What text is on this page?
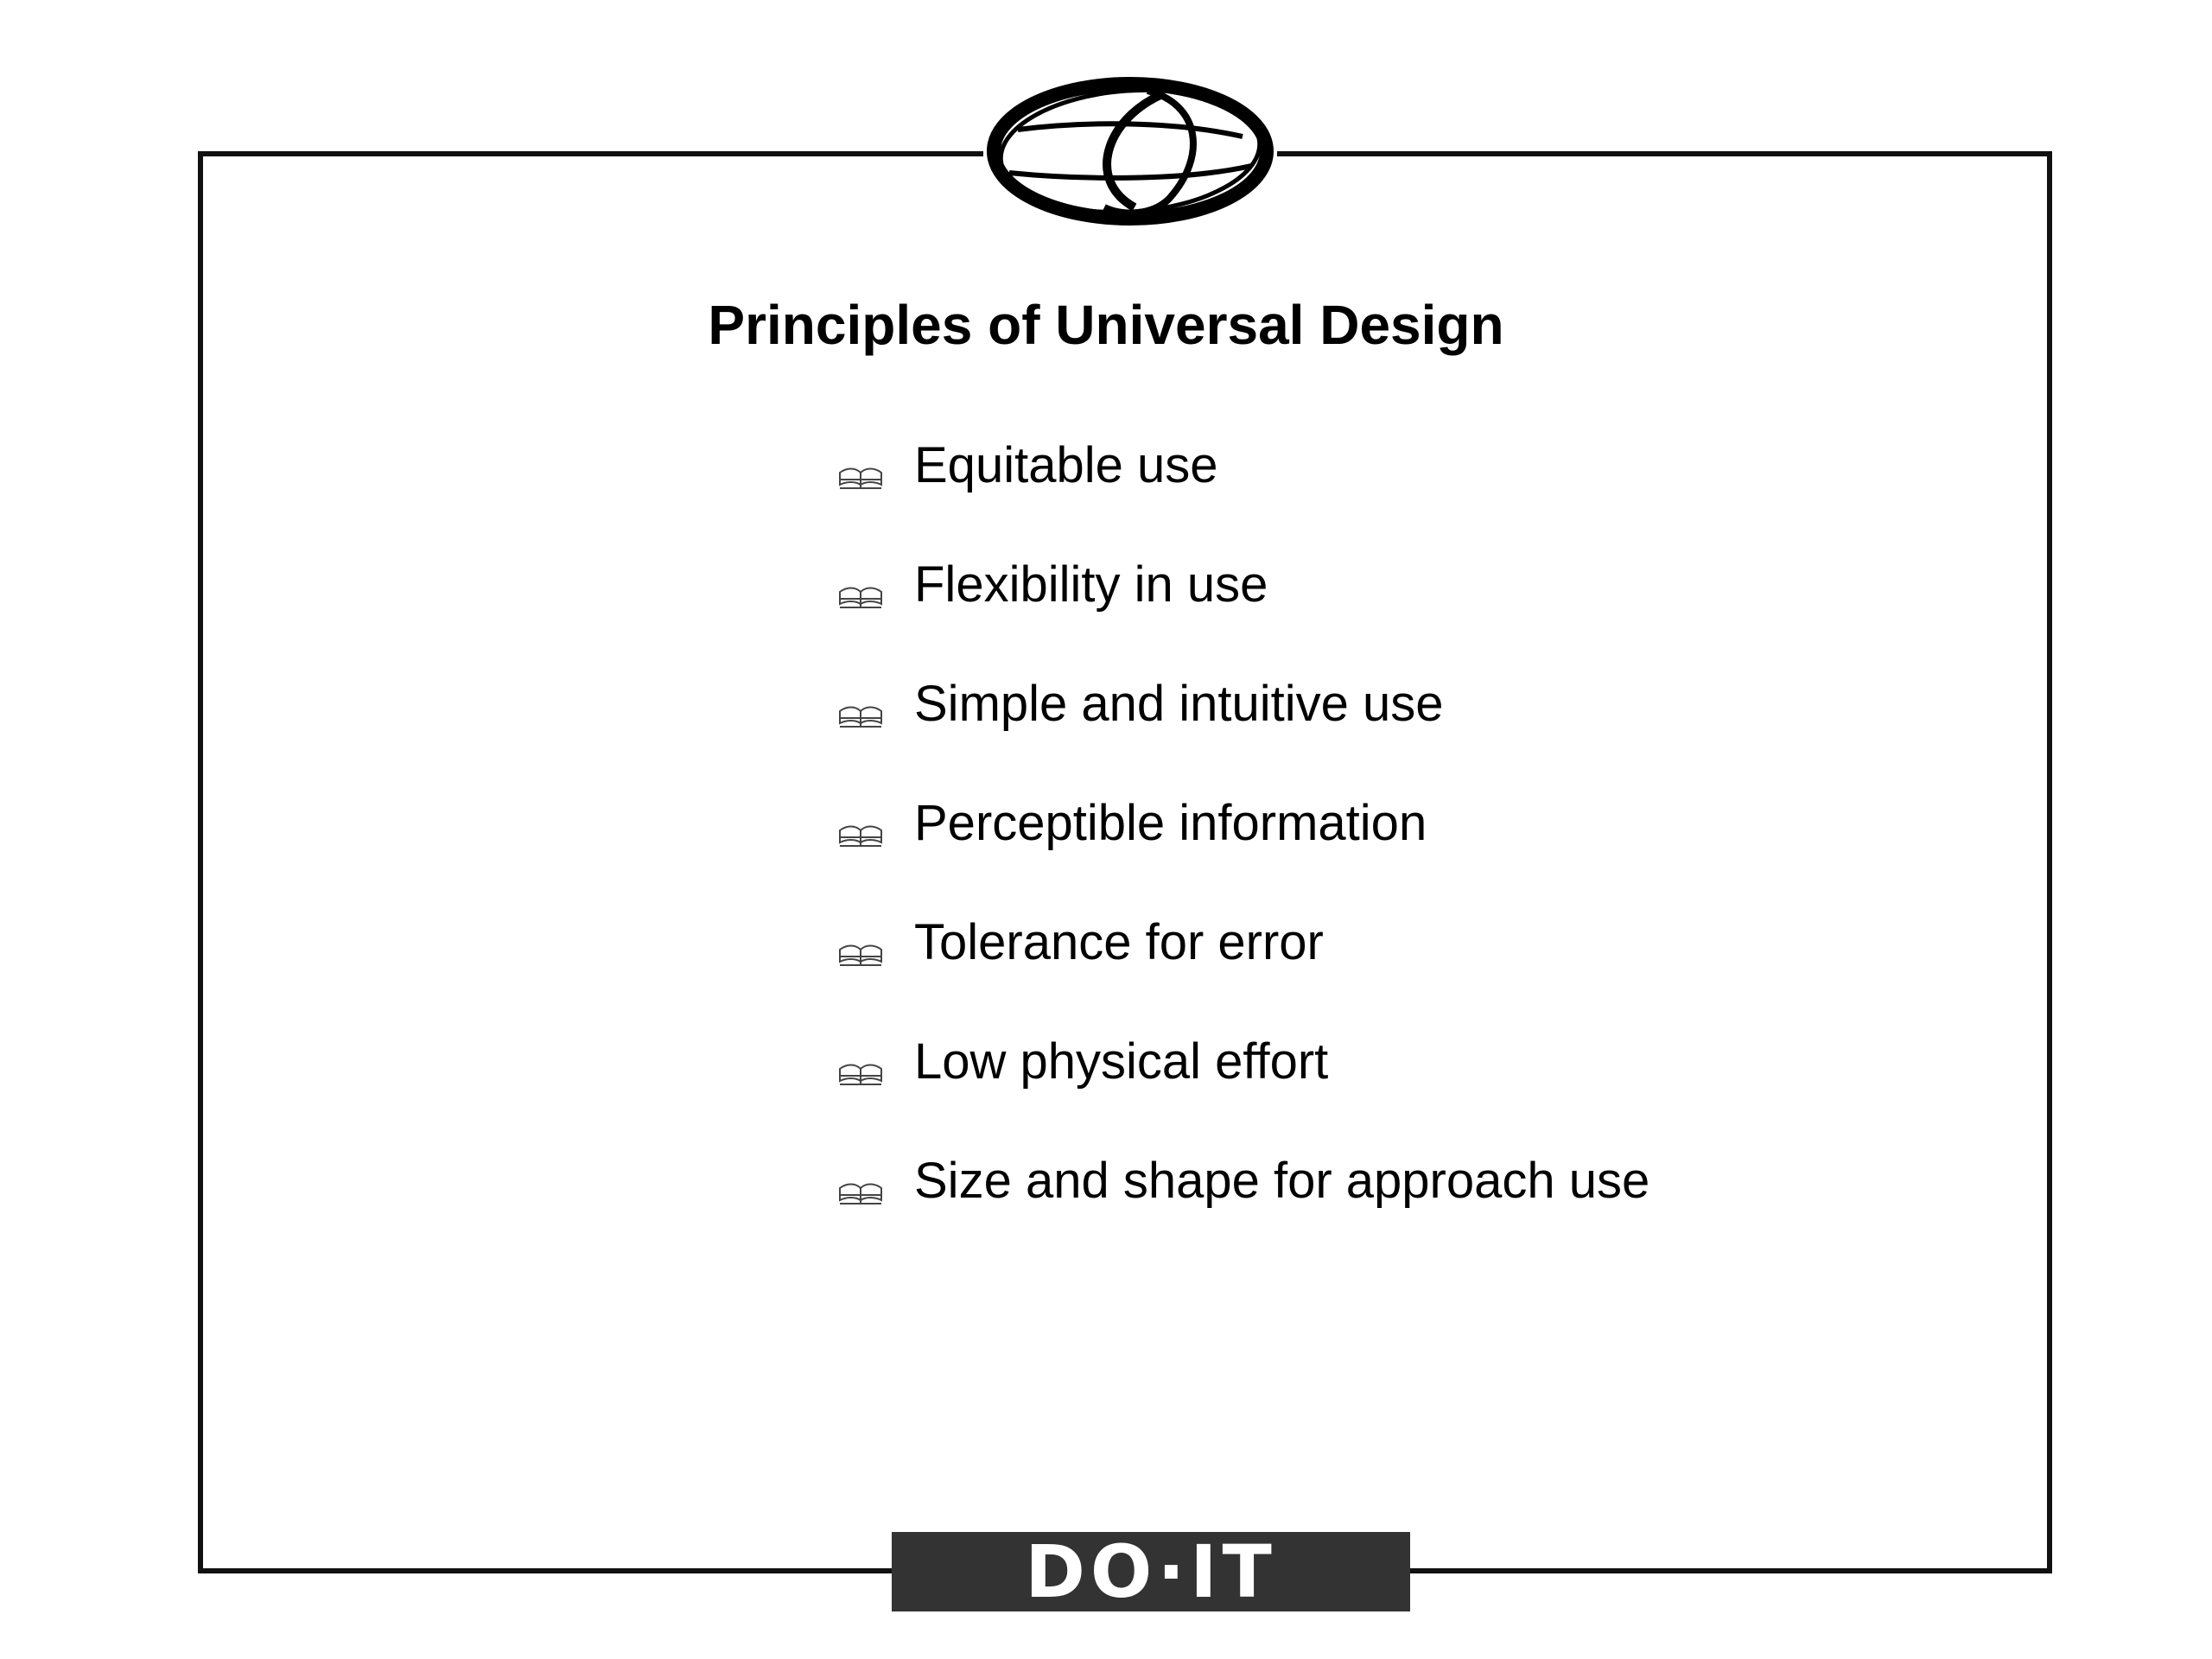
Principles of Universal Design
Equitable use
Flexibility in use
Simple and intuitive use
Perceptible information
Tolerance for error
Low physical effort
Size and shape for approach use
DO·IT
